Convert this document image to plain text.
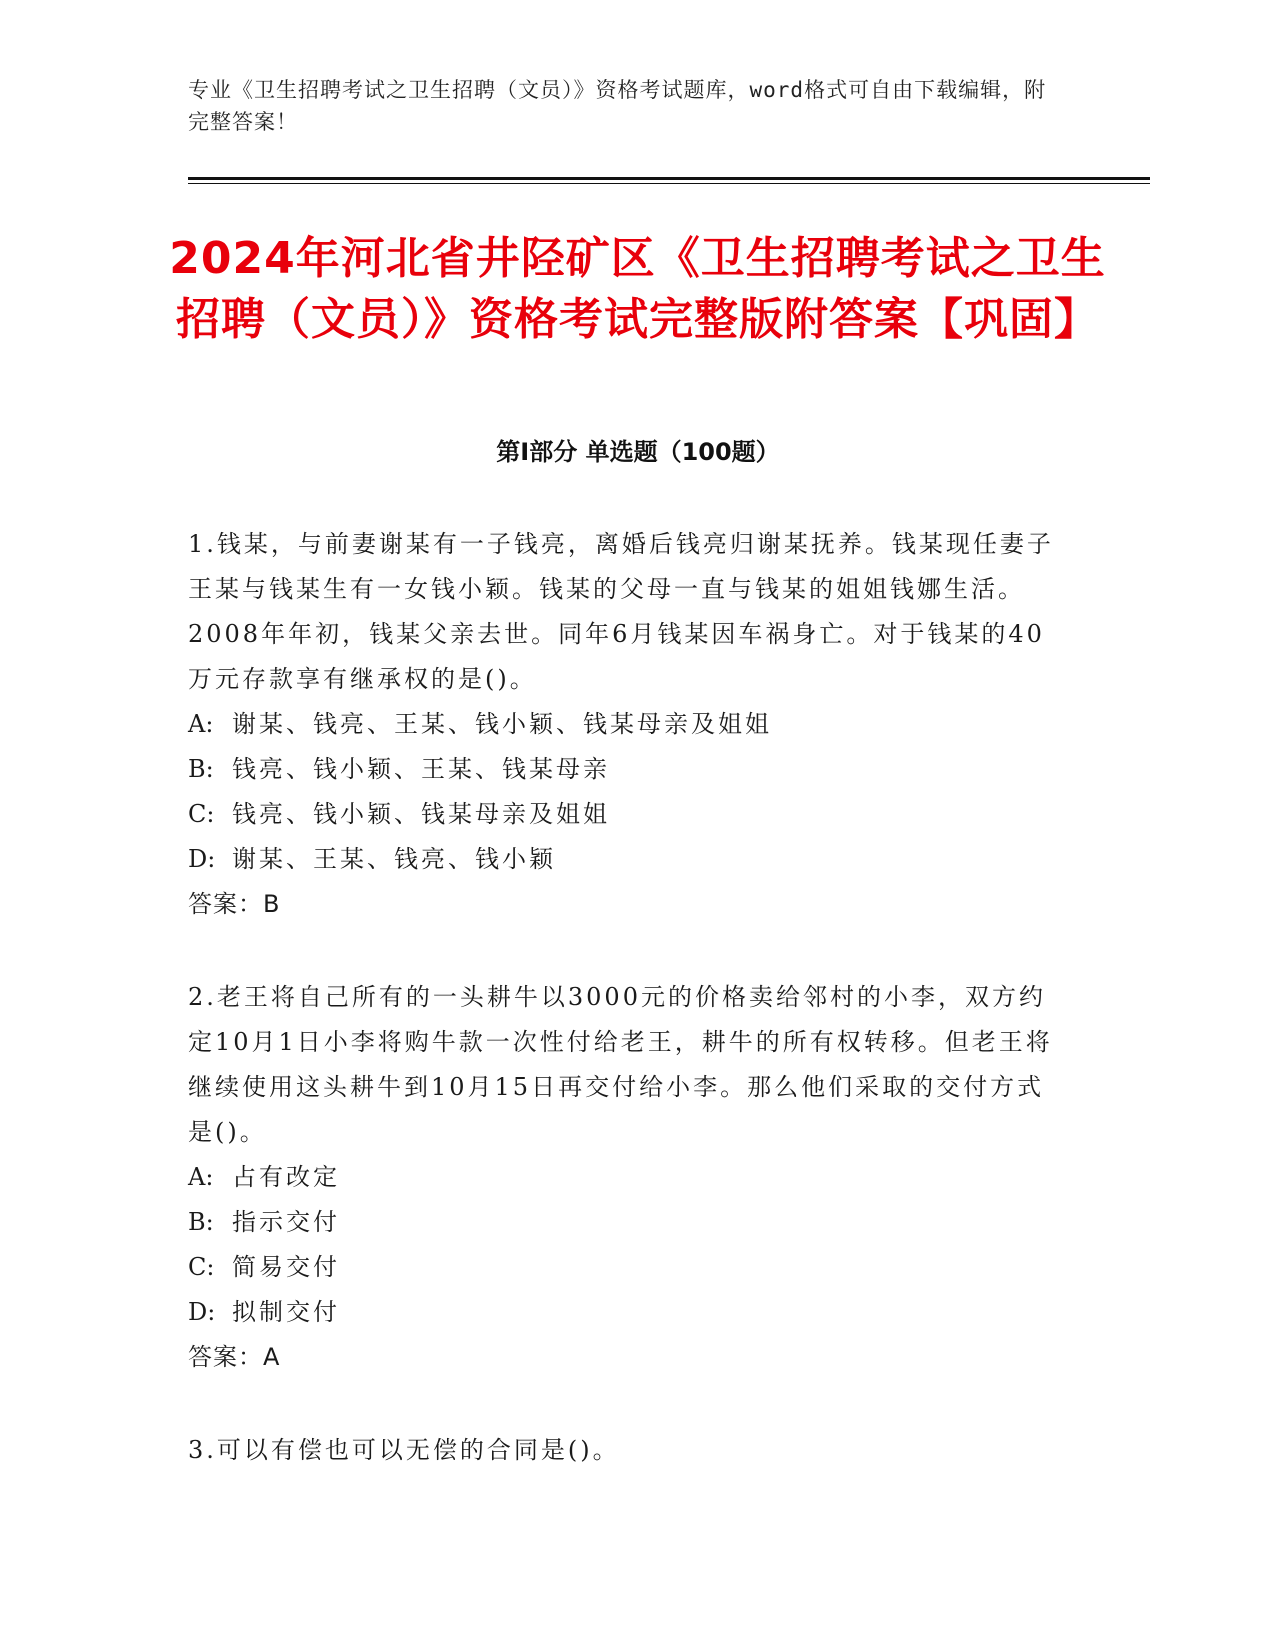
专业《卫生招聘考试之卫生招聘（文员）》资格考试题库，word格式可自由下载编辑，附完整答案！
2024年河北省井陉矿区《卫生招聘考试之卫生招聘（文员）》资格考试完整版附答案【巩固】
第Ⅰ部分 单选题（100题）

1.钱某，与前妻谢某有一子钱亮，离婚后钱亮归谢某抚养。钱某现任妻子王某与钱某生有一女钱小颖。钱某的父母一直与钱某的姐姐钱娜生活。2008年年初，钱某父亲去世。同年6月钱某因车祸身亡。对于钱某的40万元存款享有继承权的是()。

A: 谢某、钱亮、王某、钱小颖、钱某母亲及姐姐

B: 钱亮、钱小颖、王某、钱某母亲

C: 钱亮、钱小颖、钱某母亲及姐姐

D: 谢某、王某、钱亮、钱小颖

答案：B

2.老王将自己所有的一头耕牛以3000元的价格卖给邻村的小李，双方约定10月1日小李将购牛款一次性付给老王，耕牛的所有权转移。但老王将继续使用这头耕牛到10月15日再交付给小李。那么他们采取的交付方式是()。

A: 占有改定

B: 指示交付

C: 简易交付

D: 拟制交付

答案：A

3.可以有偿也可以无偿的合同是()。
